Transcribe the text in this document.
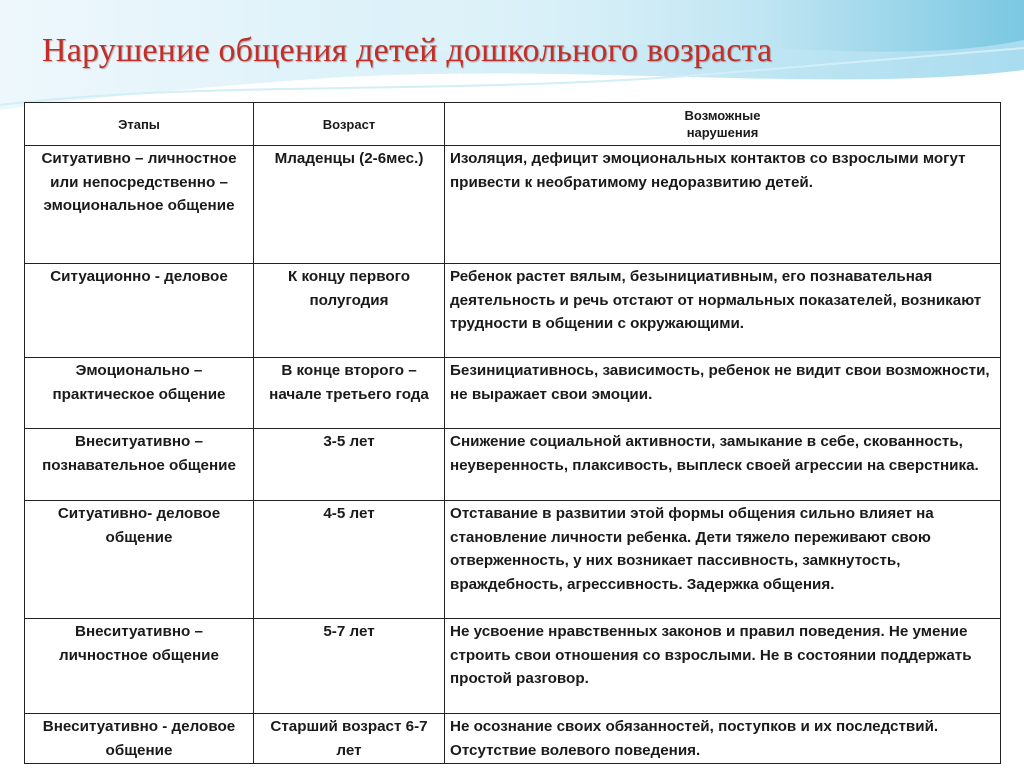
Нарушение общения детей дошкольного возраста
Этапы	Возраст	Возможные
нарушения

Ситуативно – личностное или непосредственно – эмоциональное общение	Младенцы (2-6мес.)	Изоляция, дефицит эмоциональных контактов со взрослыми могут привести к необратимому недоразвитию детей.
Ситуационно - деловое	К концу первого полугодия	Ребенок растет вялым, безынициативным, его познавательная деятельность и речь отстают от нормальных показателей, возникают трудности в общении с окружающими.
Эмоционально – практическое общение	В конце второго – начале третьего года	Безинициативнось, зависимость, ребенок не видит свои возможности, не выражает свои эмоции.
Внеситуативно – познавательное общение	3-5 лет	Снижение социальной активности, замыкание в себе, скованность, неуверенность, плаксивость, выплеск своей агрессии на сверстника.
Ситуативно- деловое общение	4-5 лет	Отставание в развитии этой формы общения сильно влияет на становление личности ребенка. Дети тяжело переживают свою отверженность, у них возникает пассивность, замкнутость, враждебность, агрессивность. Задержка общения.
Внеситуативно – личностное общение	5-7 лет	Не усвоение нравственных законов и правил поведения. Не умение строить свои отношения со взрослыми. Не в состоянии поддержать простой разговор.
Внеситуативно - деловое общение	Старший возраст 6-7 лет	Не осознание своих обязанностей, поступков и их последствий. Отсутствие волевого поведения.
